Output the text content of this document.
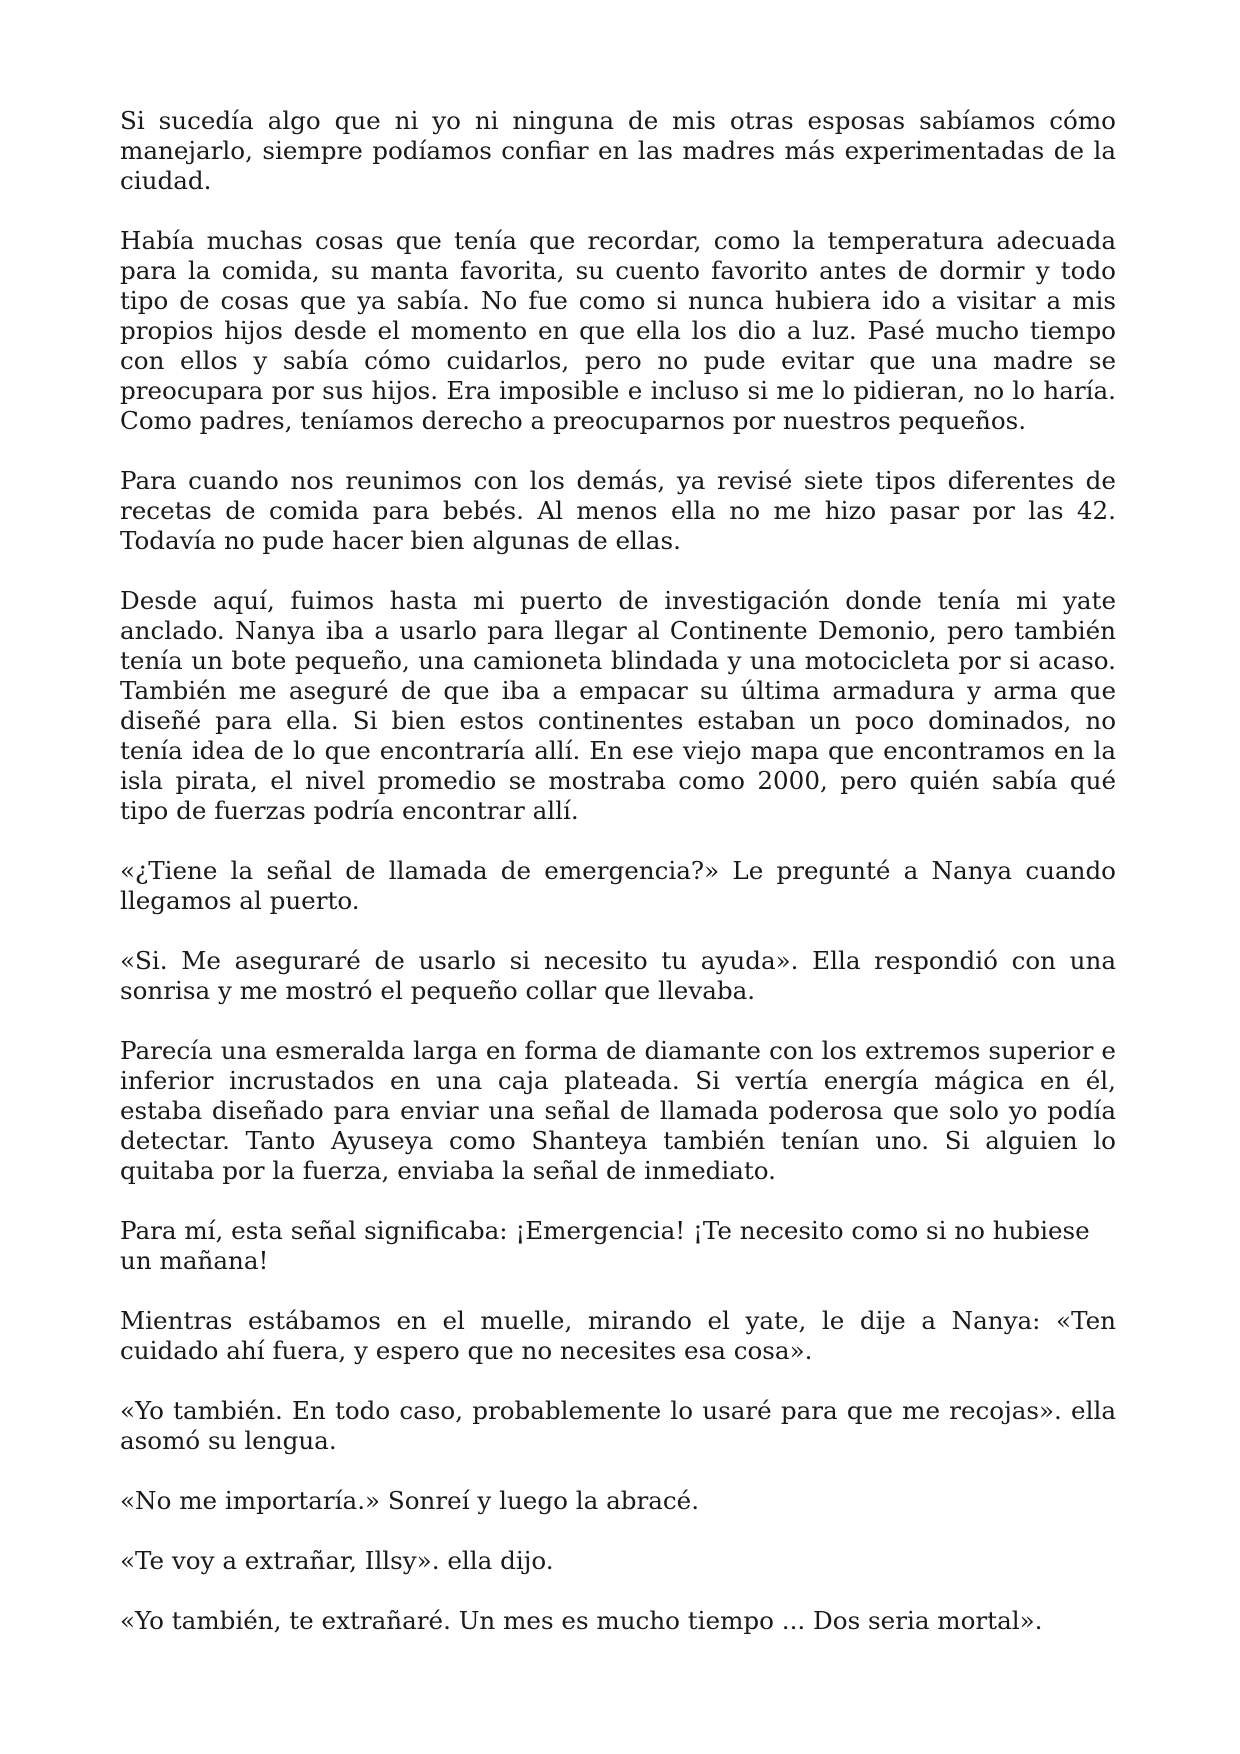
Si sucedía algo que ni yo ni ninguna de mis otras esposas sabíamos cómo manejarlo, siempre podíamos confiar en las madres más experimentadas de la ciudad.

Había muchas cosas que tenía que recordar, como la temperatura adecuada para la comida, su manta favorita, su cuento favorito antes de dormir y todo tipo de cosas que ya sabía. No fue como si nunca hubiera ido a visitar a mis propios hijos desde el momento en que ella los dio a luz. Pasé mucho tiempo con ellos y sabía cómo cuidarlos, pero no pude evitar que una madre se preocupara por sus hijos. Era imposible e incluso si me lo pidieran, no lo haría. Como padres, teníamos derecho a preocuparnos por nuestros pequeños.

Para cuando nos reunimos con los demás, ya revisé siete tipos diferentes de recetas de comida para bebés. Al menos ella no me hizo pasar por las 42. Todavía no pude hacer bien algunas de ellas.

Desde aquí, fuimos hasta mi puerto de investigación donde tenía mi yate anclado. Nanya iba a usarlo para llegar al Continente Demonio, pero también tenía un bote pequeño, una camioneta blindada y una motocicleta por si acaso. También me aseguré de que iba a empacar su última armadura y arma que diseñé para ella. Si bien estos continentes estaban un poco dominados, no tenía idea de lo que encontraría allí. En ese viejo mapa que encontramos en la isla pirata, el nivel promedio se mostraba como 2000, pero quién sabía qué tipo de fuerzas podría encontrar allí.

«¿Tiene la señal de llamada de emergencia?» Le pregunté a Nanya cuando llegamos al puerto.

«Si. Me aseguraré de usarlo si necesito tu ayuda». Ella respondió con una sonrisa y me mostró el pequeño collar que llevaba.

Parecía una esmeralda larga en forma de diamante con los extremos superior e inferior incrustados en una caja plateada. Si vertía energía mágica en él, estaba diseñado para enviar una señal de llamada poderosa que solo yo podía detectar. Tanto Ayuseya como Shanteya también tenían uno. Si alguien lo quitaba por la fuerza, enviaba la señal de inmediato.

Para mí, esta señal significaba: ¡Emergencia! ¡Te necesito como si no hubiese un mañana!

Mientras estábamos en el muelle, mirando el yate, le dije a Nanya: «Ten cuidado ahí fuera, y espero que no necesites esa cosa».

«Yo también. En todo caso, probablemente lo usaré para que me recojas». ella asomó su lengua.

«No me importaría.» Sonreí y luego la abracé.

«Te voy a extrañar, Illsy». ella dijo.

«Yo también, te extrañaré. Un mes es mucho tiempo ... Dos seria mortal».
